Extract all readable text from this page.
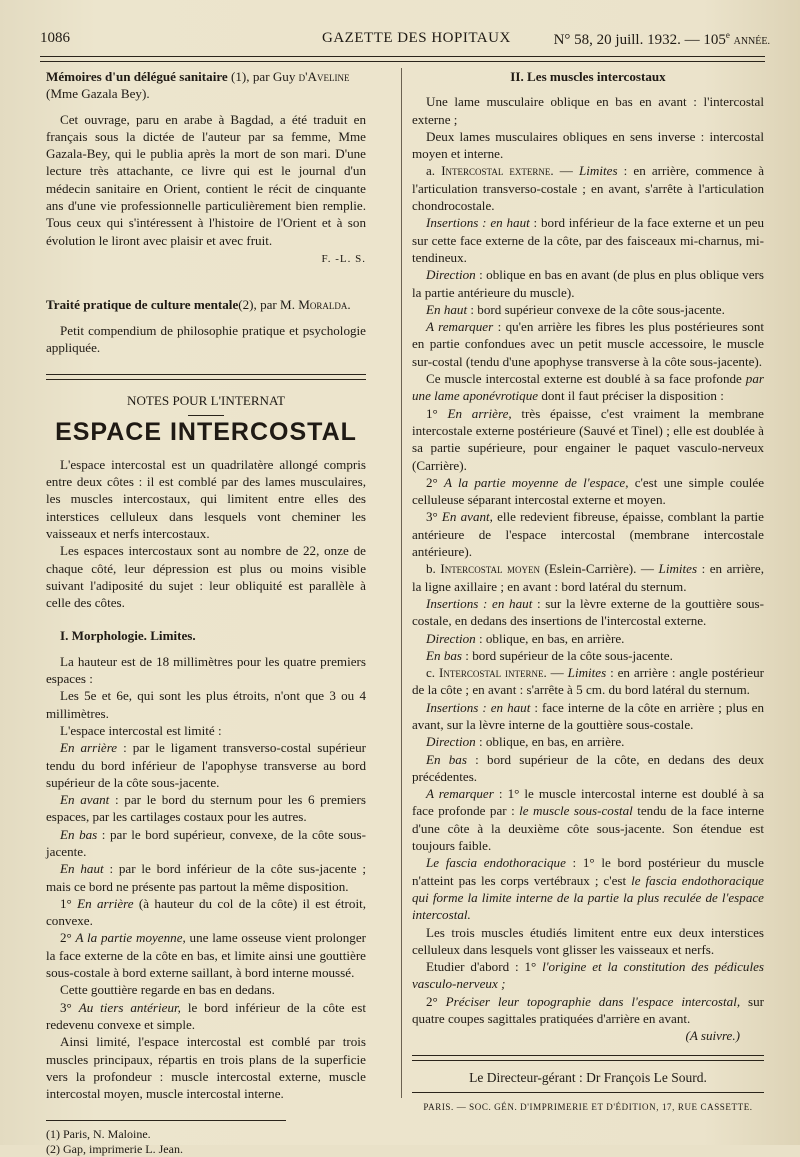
1086	GAZETTE DES HOPITAUX	N° 58, 20 juill. 1932. — 105e ANNÉE.

Mémoires d'un délégué sanitaire (1), par Guy d'Aveline

(Mme Gazala Bey).

Cet ouvrage, paru en arabe à Bagdad, a été traduit en français sous la dictée de l'auteur par sa femme, Mme Gazala-Bey, qui le publia après la mort de son mari. D'une lecture très attachante, ce livre qui est le journal d'un médecin sanitaire en Orient, contient le récit de cinquante ans d'une vie professionnelle particulièrement bien remplie. Tous ceux qui s'intéressent à l'histoire de l'Orient et à son évolution le liront avec plaisir et avec fruit.

F. -L. S.

Traité pratique de culture mentale(2), par M. Moralda.

Petit compendium de philosophie pratique et psychologie appliquée.

NOTES POUR L'INTERNAT

ESPACE INTERCOSTAL

L'espace intercostal est un quadrilatère allongé compris entre deux côtes : il est comblé par des lames musculaires, les muscles intercostaux, qui limitent entre elles des interstices celluleux dans lesquels vont cheminer les vaisseaux et nerfs intercostaux.

Les espaces intercostaux sont au nombre de 22, onze de chaque côté, leur dépression est plus ou moins visible suivant l'adiposité du sujet : leur obliquité est parallèle à celle des côtes.

I. Morphologie. Limites.

La hauteur est de 18 millimètres pour les quatre premiers espaces :

Les 5e et 6e, qui sont les plus étroits, n'ont que 3 ou 4 millimètres.

L'espace intercostal est limité :

En arrière : par le ligament transverso-costal supérieur tendu du bord inférieur de l'apophyse transverse au bord supérieur de la côte sous-jacente.

En avant : par le bord du sternum pour les 6 premiers espaces, par les cartilages costaux pour les autres.

En bas : par le bord supérieur, convexe, de la côte sous-jacente.

En haut : par le bord inférieur de la côte sus-jacente ; mais ce bord ne présente pas partout la même disposition.

1° En arrière (à hauteur du col de la côte) il est étroit, convexe.

2° A la partie moyenne, une lame osseuse vient prolonger la face externe de la côte en bas, et limite ainsi une gouttière sous-costale à bord externe saillant, à bord interne moussé.

Cette gouttière regarde en bas en dedans.

3° Au tiers antérieur, le bord inférieur de la côte est redevenu convexe et simple.

Ainsi limité, l'espace intercostal est comblé par trois muscles principaux, répartis en trois plans de la superficie vers la profondeur : muscle intercostal externe, muscle intercostal moyen, muscle intercostal interne.

(1) Paris, N. Maloine.

(2) Gap, imprimerie L. Jean.

II. Les muscles intercostaux

Une lame musculaire oblique en bas en avant : l'intercostal externe ;

Deux lames musculaires obliques en sens inverse : intercostal moyen et interne.

a. Intercostal externe. — Limites : en arrière, commence à l'articulation transverso-costale ; en avant, s'arrête à l'articulation chondrocostale.

Insertions : en haut : bord inférieur de la face externe et un peu sur cette face externe de la côte, par des faisceaux mi-charnus, mi-tendineux.

Direction : oblique en bas en avant (de plus en plus oblique vers la partie antérieure du muscle).

En haut : bord supérieur convexe de la côte sous-jacente.

A remarquer : qu'en arrière les fibres les plus postérieures sont en partie confondues avec un petit muscle accessoire, le muscle sur-costal (tendu d'une apophyse transverse à la côte sous-jacente).

Ce muscle intercostal externe est doublé à sa face profonde par une lame aponévrotique dont il faut préciser la disposition :

1° En arrière, très épaisse, c'est vraiment la membrane intercostale externe postérieure (Sauvé et Tinel) ; elle est doublée à sa partie supérieure, pour engainer le paquet vasculo-nerveux (Carrière).

2° A la partie moyenne de l'espace, c'est une simple coulée celluleuse séparant intercostal externe et moyen.

3° En avant, elle redevient fibreuse, épaisse, comblant la partie antérieure de l'espace intercostal (membrane intercostale antérieure).

b. Intercostal moyen (Eslein-Carrière). — Limites : en arrière, la ligne axillaire ; en avant : bord latéral du sternum.

Insertions : en haut : sur la lèvre externe de la gouttière sous-costale, en dedans des insertions de l'intercostal externe.

Direction : oblique, en bas, en arrière.

En bas : bord supérieur de la côte sous-jacente.

c. Intercostal interne. — Limites : en arrière : angle postérieur de la côte ; en avant : s'arrête à 5 cm. du bord latéral du sternum.

Insertions : en haut : face interne de la côte en arrière ; plus en avant, sur la lèvre interne de la gouttière sous-costale.

Direction : oblique, en bas, en arrière.

En bas : bord supérieur de la côte, en dedans des deux précédentes.

A remarquer : 1° le muscle intercostal interne est doublé à sa face profonde par : le muscle sous-costal tendu de la face interne d'une côte à la deuxième côte sous-jacente. Son étendue est toujours faible.

Le fascia endothoracique : 1° le bord postérieur du muscle n'atteint pas les corps vertébraux ; c'est le fascia endothoracique qui forme la limite interne de la partie la plus reculée de l'espace intercostal.

Les trois muscles étudiés limitent entre eux deux interstices celluleux dans lesquels vont glisser les vaisseaux et nerfs.

Etudier d'abord : 1° l'origine et la constitution des pédicules vasculo-nerveux ;

2° Préciser leur topographie dans l'espace intercostal, sur quatre coupes sagittales pratiquées d'arrière en avant.

(A suivre.)

Le Directeur-gérant : Dr François Le Sourd.

PARIS. — SOC. GÉN. D'IMPRIMERIE ET D'ÉDITION, 17, RUE CASSETTE.
